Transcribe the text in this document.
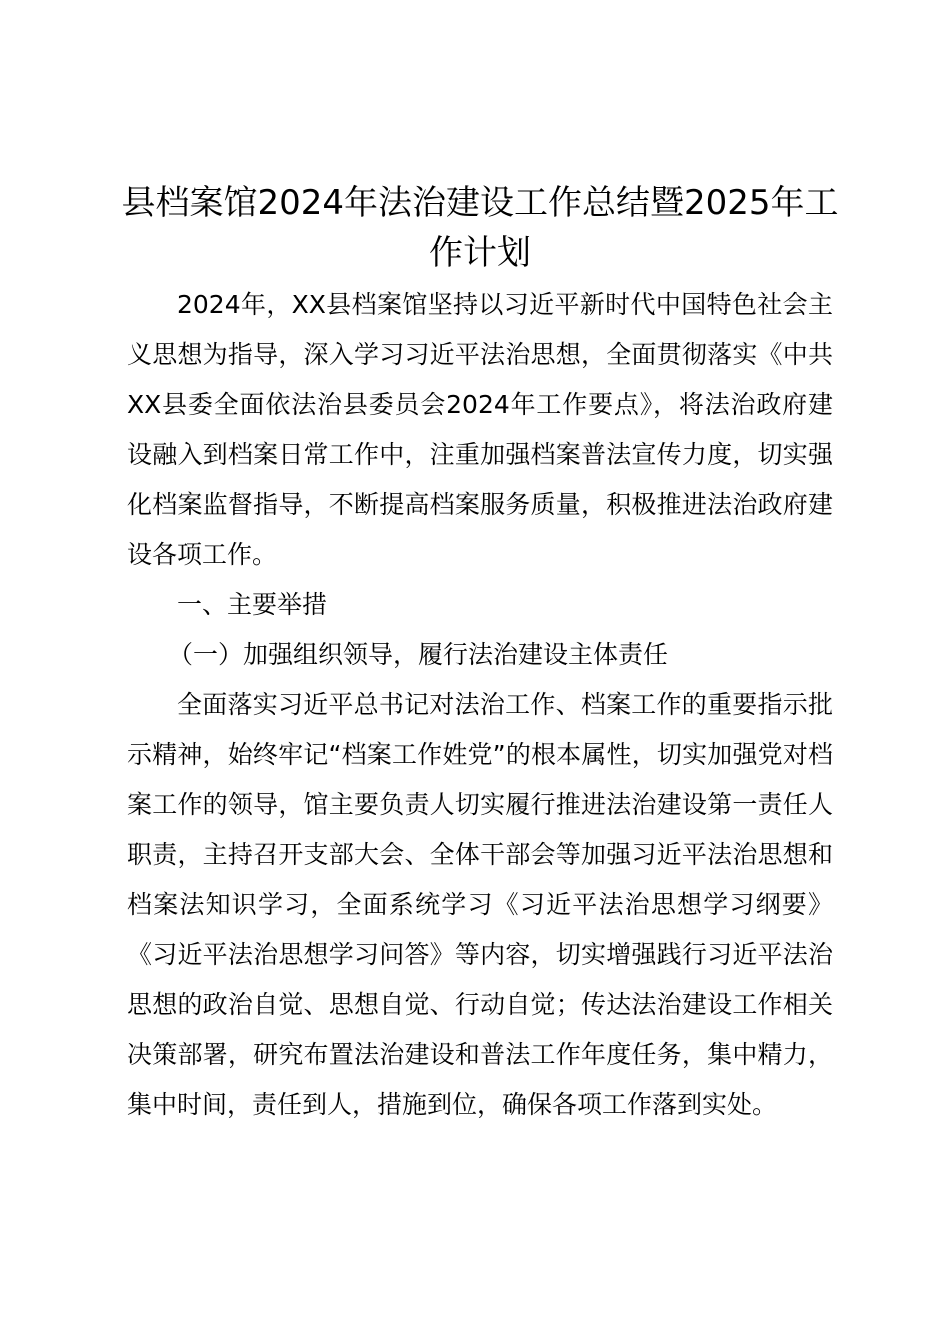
县档案馆2024年法治建设工作总结暨2025年工作计划

2024年，XX县档案馆坚持以习近平新时代中国特色社会主义思想为指导，深入学习习近平法治思想，全面贯彻落实《中共XX县委全面依法治县委员会2024年工作要点》，将法治政府建设融入到档案日常工作中，注重加强档案普法宣传力度，切实强化档案监督指导，不断提高档案服务质量，积极推进法治政府建设各项工作。

一、主要举措

（一）加强组织领导，履行法治建设主体责任

全面落实习近平总书记对法治工作、档案工作的重要指示批示精神，始终牢记“档案工作姓党”的根本属性，切实加强党对档案工作的领导，馆主要负责人切实履行推进法治建设第一责任人职责，主持召开支部大会、全体干部会等加强习近平法治思想和档案法知识学习，全面系统学习《习近平法治思想学习纲要》《习近平法治思想学习问答》等内容，切实增强践行习近平法治思想的政治自觉、思想自觉、行动自觉；传达法治建设工作相关决策部署，研究布置法治建设和普法工作年度任务，集中精力，集中时间，责任到人，措施到位，确保各项工作落到实处。
